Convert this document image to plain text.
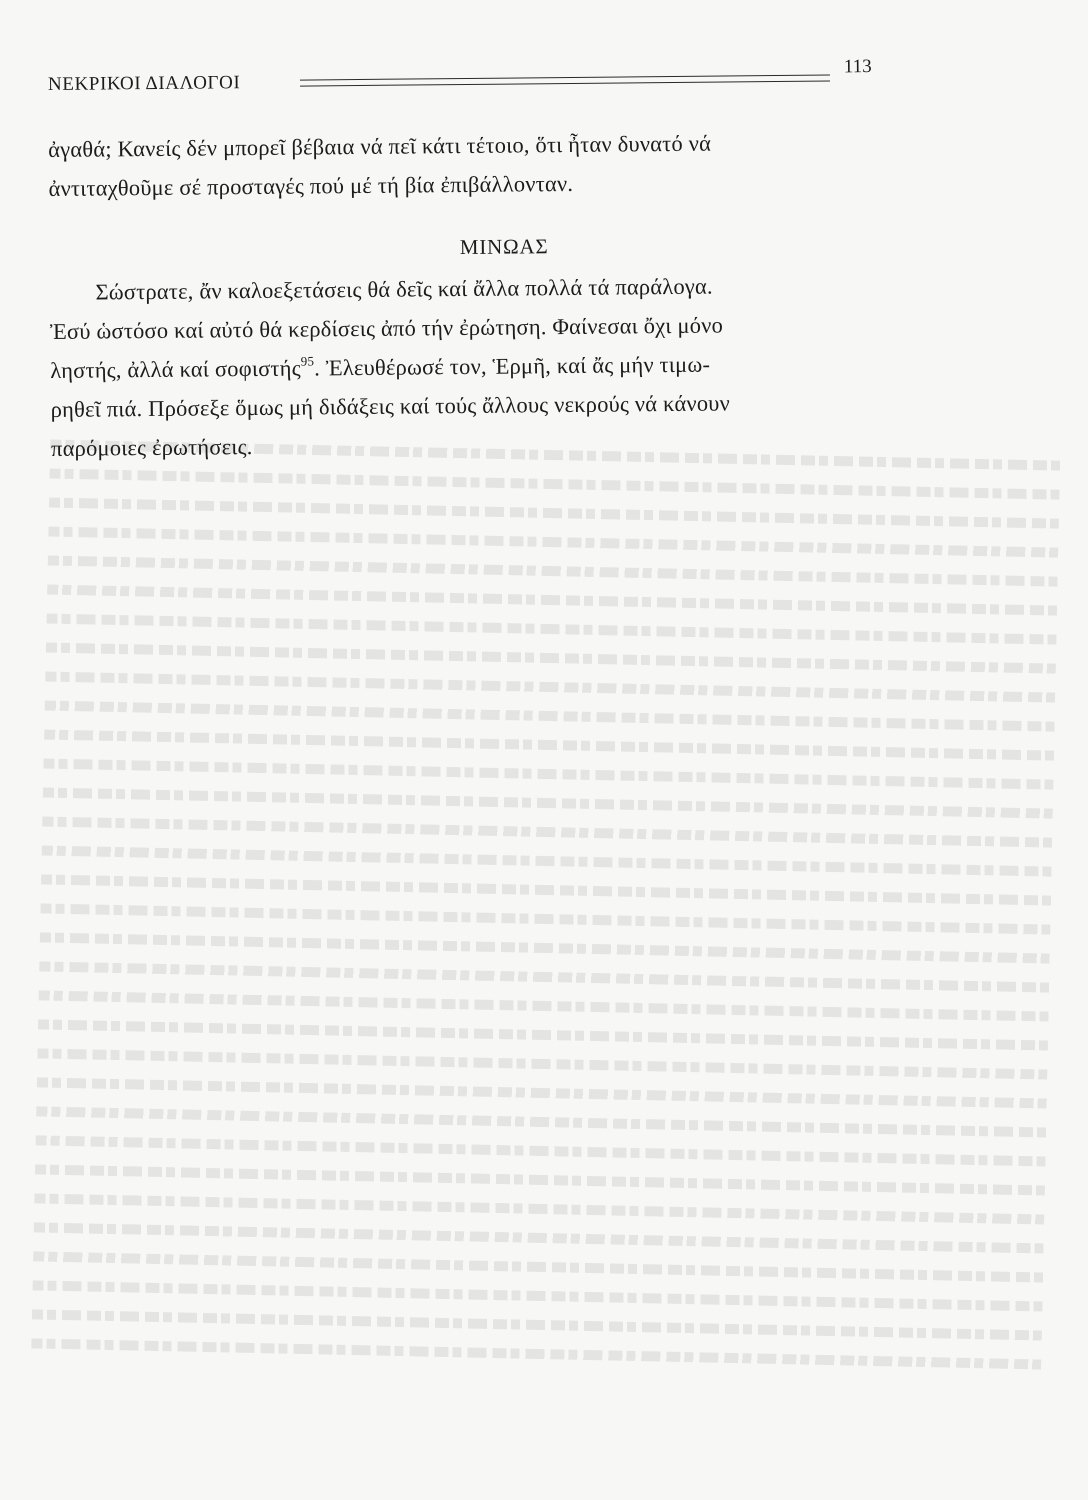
ΝΕΚΡΙΚΟΙ ΔΙΑΛΟΓΟΙ
113
ἀγαθά; Κανείς δέν μπορεῖ βέβαια νά πεῖ κάτι τέτοιο, ὅτι ἦταν δυνατό νά
ἀντιταχθοῦμε σέ προσταγές πού μέ τή βία ἐπιβάλλονταν.
ΜΙΝΩΑΣ
Σώστρατε, ἄν καλοεξετάσεις θά δεῖς καί ἄλλα πολλά τά παράλογα.
Ἐσύ ὡστόσο καί αὐτό θά κερδίσεις ἀπό τήν ἐρώτηση. Φαίνεσαι ὄχι μόνο
ληστής, ἀλλά καί σοφιστής$^{95}$. Ἐλευθέρωσέ τον, Ἑρμῆ, καί ἄς μήν τιμω-
ρηθεῖ πιά. Πρόσεξε ὅμως μή διδάξεις καί τούς ἄλλους νεκρούς νά κάνουν
παρόμοιες ἐρωτήσεις.
